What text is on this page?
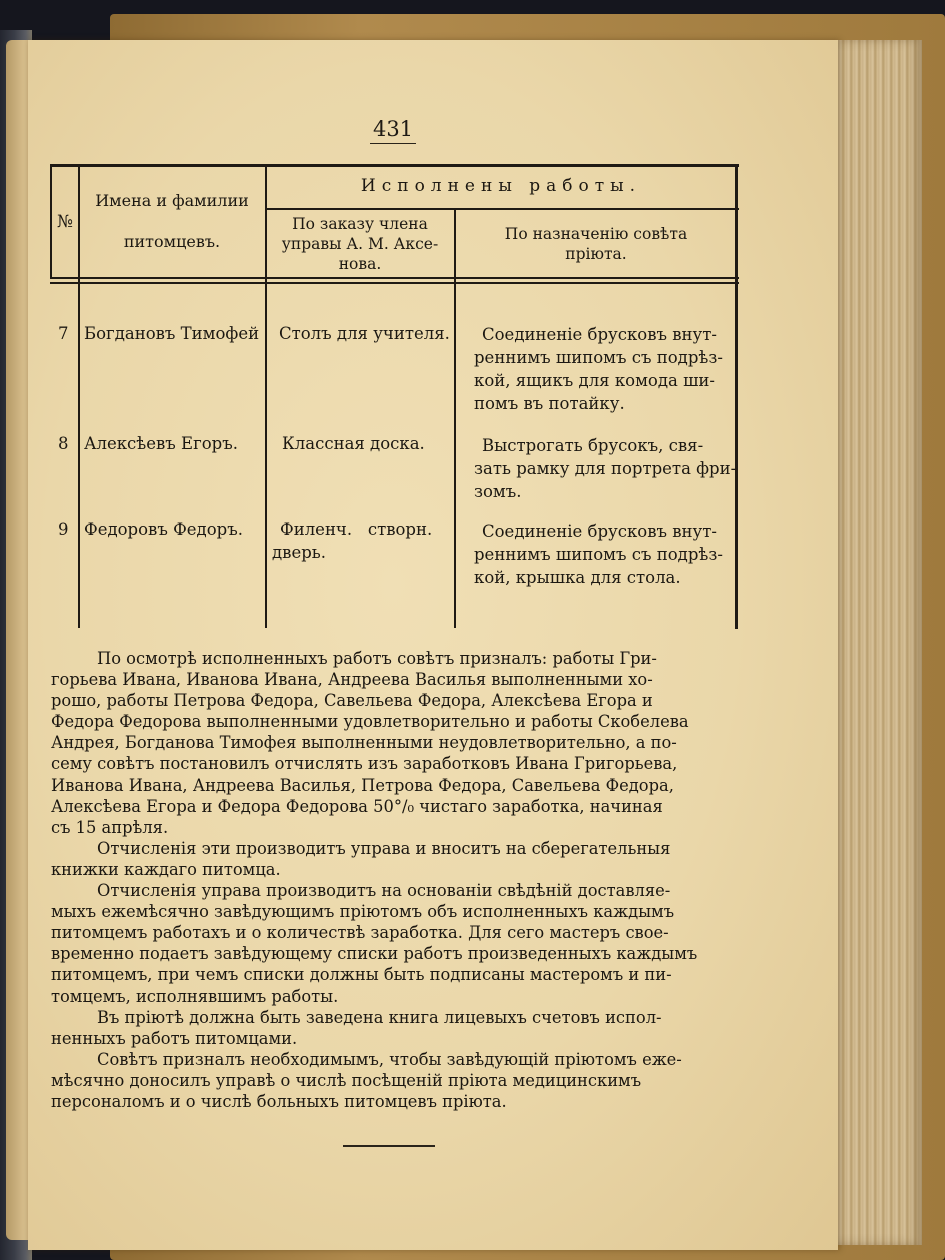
431
№
Имена и фамилии
питомцевъ.
Исполнены работы.
По заказу члена
управы А. М. Аксе-
нова.
По назначенiю совѣта
прiюта.
7 Богдановъ Тимофей Столъ для учителя. Соединенiе брусковъ внут-
реннимъ шипомъ съ подрѣз-
кой, ящикъ для комода ши-
помъ въ потайку.
8 Алексѣевъ Егоръ.	Классная доска.	Выстрогать брусокъ, свя-
зать рамку для портрета фри-
зомъ.
9 Федоровъ Федоръ. Филенч.   створн.
дверь.
Соединенiе брусковъ внут-
реннимъ шипомъ съ подрѣз-
кой, крышка для стола.

По осмотрѣ исполненныхъ работъ совѣтъ призналъ: работы Гри-

горьева Ивана, Иванова Ивана, Андреева Василья выполненными хо-

рошо, работы Петрова Федора, Савельева Федора, Алексѣева Егора и

Федора Федорова выполненными удовлетворительно и работы Скобелева

Андрея, Богданова Тимофея выполненными неудовлетворительно, а по-

сему совѣтъ постановилъ отчислять изъ заработковъ Ивана Григорьева,

Иванова Ивана, Андреева Василья, Петрова Федора, Савельева Федора,

Алексѣева Егора и Федора Федорова 50°/₀ чистаго заработка, начиная

съ 15 апрѣля.

Отчисленiя эти производитъ управа и вноситъ на сберегательныя

книжки каждаго питомца.

Отчисленiя управа производитъ на основанiи свѣдѣнiй доставляе-

мыхъ ежемѣсячно завѣдующимъ прiютомъ объ исполненныхъ каждымъ

питомцемъ работахъ и о количествѣ заработка. Для сего мастеръ свое-

временно подаетъ завѣдующему списки работъ произведенныхъ каждымъ

питомцемъ, при чемъ списки должны быть подписаны мастеромъ и пи-

томцемъ, исполнявшимъ работы.

Въ прiютѣ должна быть заведена книга лицевыхъ счетовъ испол-

ненныхъ работъ питомцами.

Совѣтъ призналъ необходимымъ, чтобы завѣдующiй прiютомъ еже-

мѣсячно доносилъ управѣ о числѣ посѣщенiй прiюта медицинскимъ

персоналомъ и о числѣ больныхъ питомцевъ прiюта.
